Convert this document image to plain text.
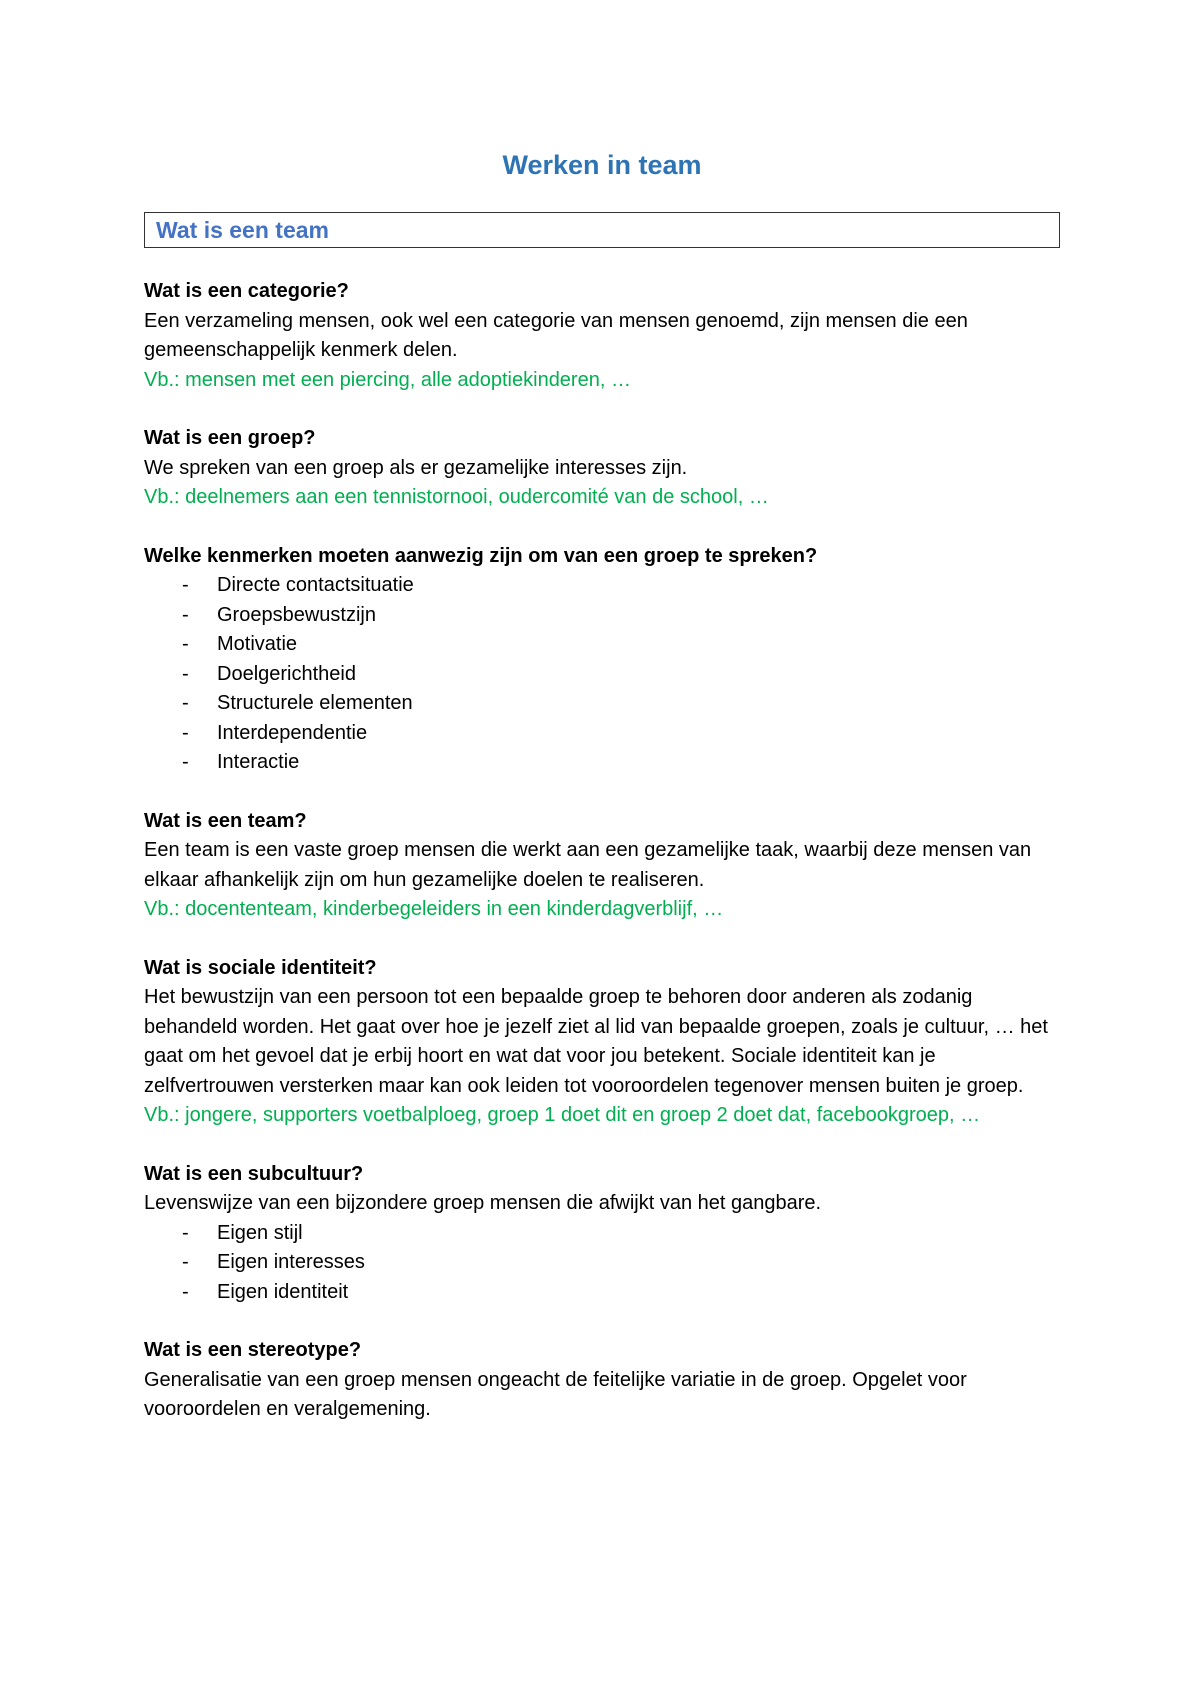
Werken in team
Wat is een team
Wat is een categorie?
Een verzameling mensen, ook wel een categorie van mensen genoemd, zijn mensen die een gemeenschappelijk kenmerk delen.
Vb.: mensen met een piercing, alle adoptiekinderen, …
Wat is een groep?
We spreken van een groep als er gezamelijke interesses zijn.
Vb.: deelnemers aan een tennistornooi, oudercomité van de school, …
Welke kenmerken moeten aanwezig zijn om van een groep te spreken?
- Directe contactsituatie
- Groepsbewustzijn
- Motivatie
- Doelgerichtheid
- Structurele elementen
- Interdependentie
- Interactie
Wat is een team?
Een team is een vaste groep mensen die werkt aan een gezamelijke taak, waarbij deze mensen van elkaar afhankelijk zijn om hun gezamelijke doelen te realiseren.
Vb.: docententeam, kinderbegeleiders in een kinderdagverblijf, …
Wat is sociale identiteit?
Het bewustzijn van een persoon tot een bepaalde groep te behoren door anderen als zodanig behandeld worden. Het gaat over hoe je jezelf ziet al lid van bepaalde groepen, zoals je cultuur, … het gaat om het gevoel dat je erbij hoort en wat dat voor jou betekent. Sociale identiteit kan je zelfvertrouwen versterken maar kan ook leiden tot vooroordelen tegenover mensen buiten je groep.
Vb.: jongere, supporters voetbalploeg, groep 1 doet dit en groep 2 doet dat, facebookgroep, …
Wat is een subcultuur?
Levenswijze van een bijzondere groep mensen die afwijkt van het gangbare.
- Eigen stijl
- Eigen interesses
- Eigen identiteit
Wat is een stereotype?
Generalisatie van een groep mensen ongeacht de feitelijke variatie in de groep. Opgelet voor vooroordelen en veralgemening.
